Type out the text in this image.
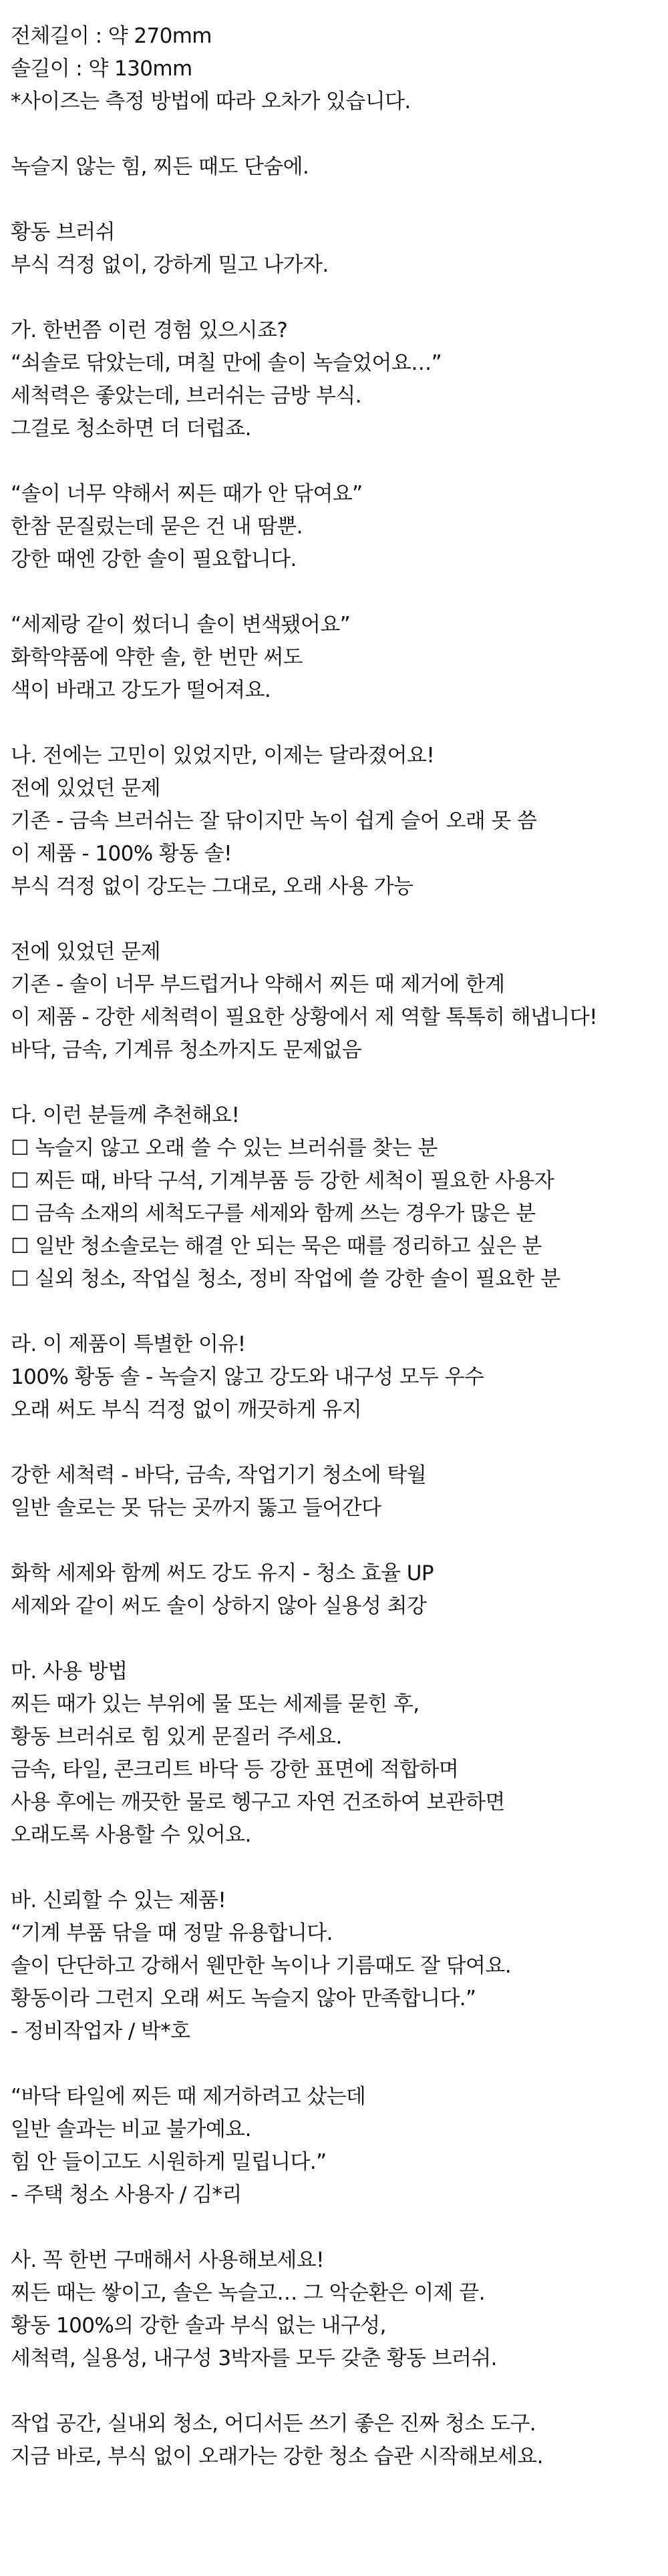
전체길이 : 약 270mm
솔길이 : 약 130mm
*사이즈는 측정 방법에 따라 오차가 있습니다.
녹슬지 않는 힘, 찌든 때도 단숨에.
황동 브러쉬
부식 걱정 없이, 강하게 밀고 나가자.
가. 한번쯤 이런 경험 있으시죠?
“쇠솔로 닦았는데, 며칠 만에 솔이 녹슬었어요…”
세척력은 좋았는데, 브러쉬는 금방 부식.
그걸로 청소하면 더 더럽죠.
“솔이 너무 약해서 찌든 때가 안 닦여요”
한참 문질렀는데 묻은 건 내 땀뿐.
강한 때엔 강한 솔이 필요합니다.
“세제랑 같이 썼더니 솔이 변색됐어요”
화학약품에 약한 솔, 한 번만 써도
색이 바래고 강도가 떨어져요.
나. 전에는 고민이 있었지만, 이제는 달라졌어요!
전에 있었던 문제
기존 - 금속 브러쉬는 잘 닦이지만 녹이 쉽게 슬어 오래 못 씀
이 제품 - 100% 황동 솔!
부식 걱정 없이 강도는 그대로, 오래 사용 가능
전에 있었던 문제
기존 - 솔이 너무 부드럽거나 약해서 찌든 때 제거에 한계
이 제품 - 강한 세척력이 필요한 상황에서 제 역할 톡톡히 해냅니다!
바닥, 금속, 기계류 청소까지도 문제없음
다. 이런 분들께 추천해요!
☐ 녹슬지 않고 오래 쓸 수 있는 브러쉬를 찾는 분
☐ 찌든 때, 바닥 구석, 기계부품 등 강한 세척이 필요한 사용자
☐ 금속 소재의 세척도구를 세제와 함께 쓰는 경우가 많은 분
☐ 일반 청소솔로는 해결 안 되는 묵은 때를 정리하고 싶은 분
☐ 실외 청소, 작업실 청소, 정비 작업에 쓸 강한 솔이 필요한 분
라. 이 제품이 특별한 이유!
100% 황동 솔 - 녹슬지 않고 강도와 내구성 모두 우수
오래 써도 부식 걱정 없이 깨끗하게 유지
강한 세척력 - 바닥, 금속, 작업기기 청소에 탁월
일반 솔로는 못 닦는 곳까지 뚫고 들어간다
화학 세제와 함께 써도 강도 유지 - 청소 효율 UP
세제와 같이 써도 솔이 상하지 않아 실용성 최강
마. 사용 방법
찌든 때가 있는 부위에 물 또는 세제를 묻힌 후,
황동 브러쉬로 힘 있게 문질러 주세요.
금속, 타일, 콘크리트 바닥 등 강한 표면에 적합하며
사용 후에는 깨끗한 물로 헹구고 자연 건조하여 보관하면
오래도록 사용할 수 있어요.
바. 신뢰할 수 있는 제품!
“기계 부품 닦을 때 정말 유용합니다.
솔이 단단하고 강해서 웬만한 녹이나 기름때도 잘 닦여요.
황동이라 그런지 오래 써도 녹슬지 않아 만족합니다.”
- 정비작업자 / 박*호
“바닥 타일에 찌든 때 제거하려고 샀는데
일반 솔과는 비교 불가예요.
힘 안 들이고도 시원하게 밀립니다.”
- 주택 청소 사용자 / 김*리
사. 꼭 한번 구매해서 사용해보세요!
찌든 때는 쌓이고, 솔은 녹슬고… 그 악순환은 이제 끝.
황동 100%의 강한 솔과 부식 없는 내구성,
세척력, 실용성, 내구성 3박자를 모두 갖춘 황동 브러쉬.
작업 공간, 실내외 청소, 어디서든 쓰기 좋은 진짜 청소 도구.
지금 바로, 부식 없이 오래가는 강한 청소 습관 시작해보세요.
